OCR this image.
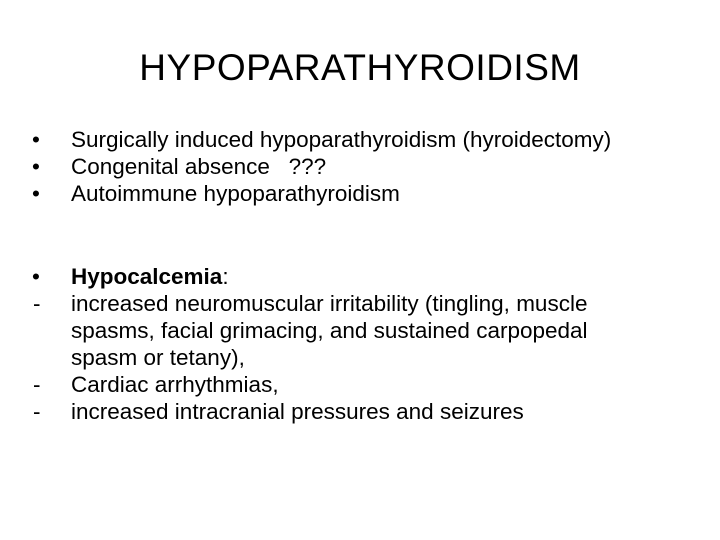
HYPOPARATHYROIDISM
• Surgically induced hypoparathyroidism (hyroidectomy)
• Congenital absence   ???
• Autoimmune hypoparathyroidism
• Hypocalcemia:
- increased neuromuscular irritability (tingling, muscle
spasms, facial grimacing, and sustained carpopedal
spasm or tetany),
- Cardiac arrhythmias,
- increased intracranial pressures and seizures
